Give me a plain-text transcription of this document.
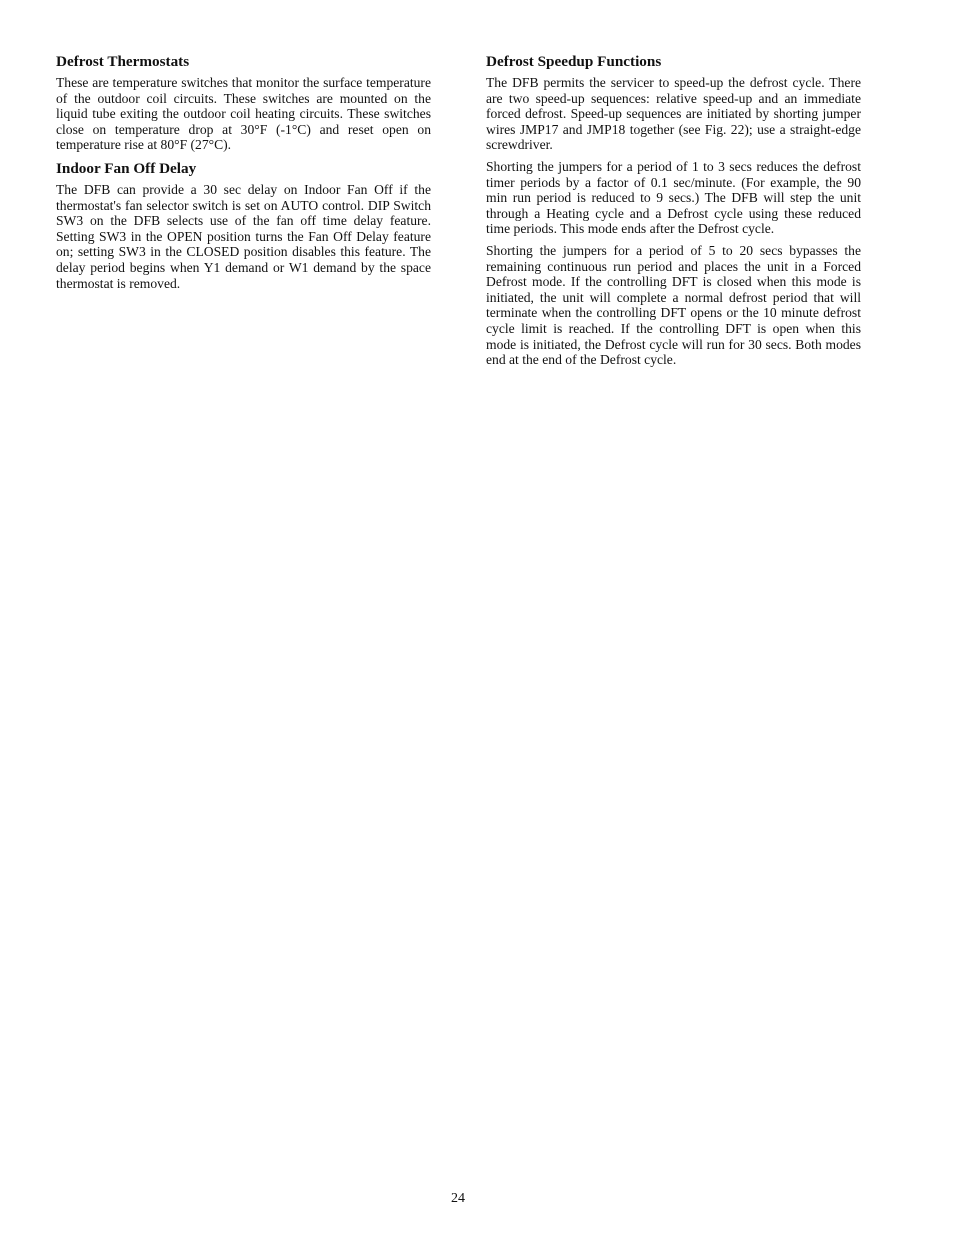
Defrost Thermostats

These are temperature switches that monitor the surface temperature of the outdoor coil circuits. These switches are mounted on the liquid tube exiting the outdoor coil heating circuits. These switches close on temperature drop at 30°F (-1°C) and reset open on temperature rise at 80°F (27°C).

Indoor Fan Off Delay

The DFB can provide a 30 sec delay on Indoor Fan Off if the thermostat's fan selector switch is set on AUTO control. DIP Switch SW3 on the DFB selects use of the fan off time delay feature. Setting SW3 in the OPEN position turns the Fan Off Delay feature on; setting SW3 in the CLOSED position disables this feature. The delay period begins when Y1 demand or W1 demand by the space thermostat is removed.

Defrost Speedup Functions

The DFB permits the servicer to speed-up the defrost cycle. There are two speed-up sequences: relative speed-up and an immediate forced defrost. Speed-up sequences are initiated by shorting jumper wires JMP17 and JMP18 together (see Fig. 22); use a straight-edge screwdriver.

Shorting the jumpers for a period of 1 to 3 secs reduces the defrost timer periods by a factor of 0.1 sec/minute. (For example, the 90 min run period is reduced to 9 secs.) The DFB will step the unit through a Heating cycle and a Defrost cycle using these reduced time periods. This mode ends after the Defrost cycle.

Shorting the jumpers for a period of 5 to 20 secs bypasses the remaining continuous run period and places the unit in a Forced Defrost mode. If the controlling DFT is closed when this mode is initiated, the unit will complete a normal defrost period that will terminate when the controlling DFT opens or the 10 minute defrost cycle limit is reached. If the controlling DFT is open when this mode is initiated, the Defrost cycle will run for 30 secs. Both modes end at the end of the Defrost cycle.

24
